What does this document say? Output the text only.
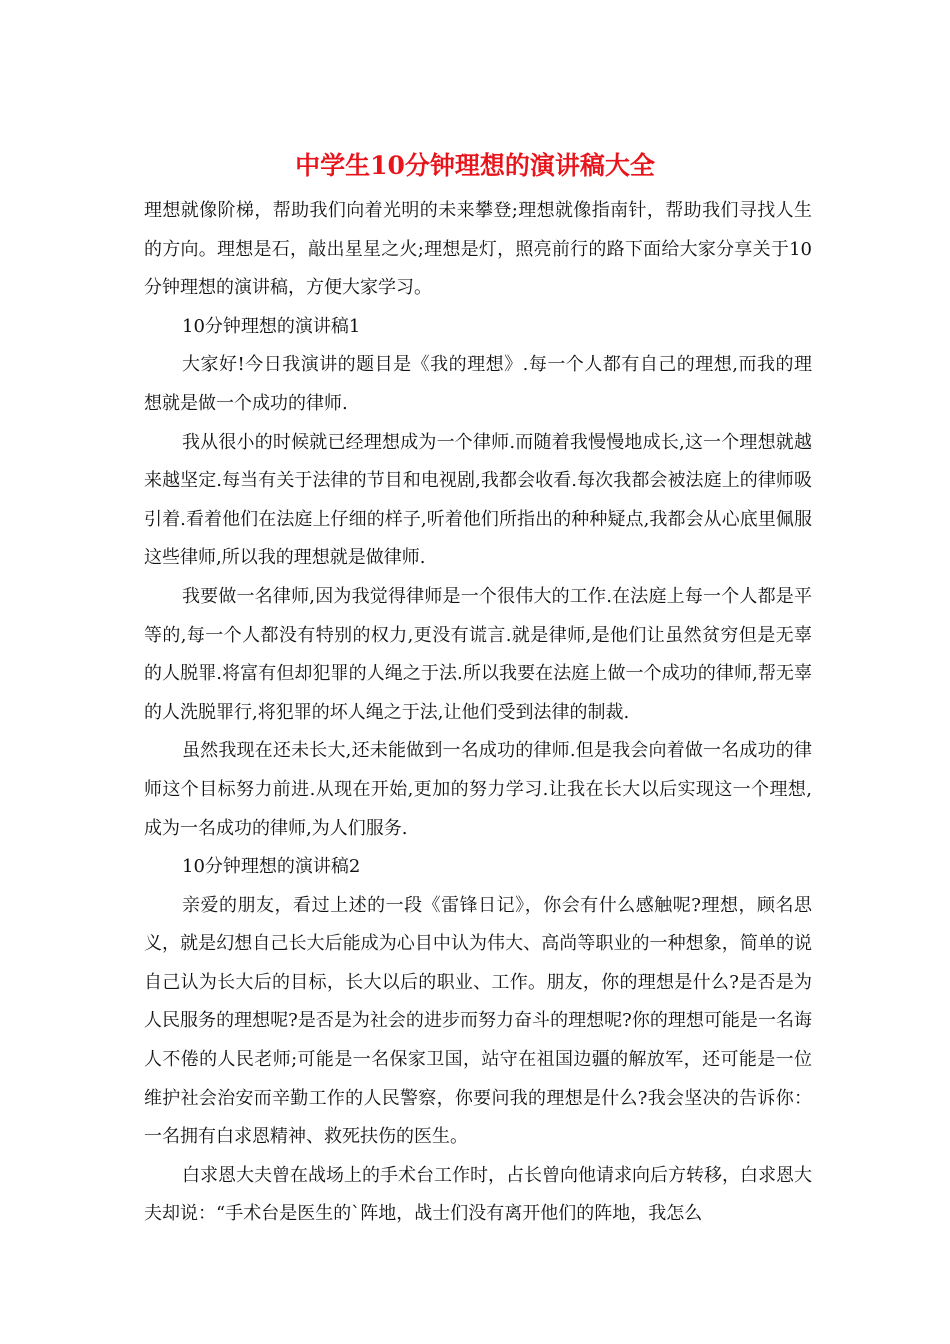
中学生10分钟理想的演讲稿大全

理想就像阶梯，帮助我们向着光明的未来攀登;理想就像指南针，帮助我们寻找人生的方向。理想是石，敲出星星之火;理想是灯，照亮前行的路下面给大家分享关于10分钟理想的演讲稿，方便大家学习。

10分钟理想的演讲稿1

大家好!今日我演讲的题目是《我的理想》.每一个人都有自己的理想,而我的理想就是做一个成功的律师.

我从很小的时候就已经理想成为一个律师.而随着我慢慢地成长,这一个理想就越来越坚定.每当有关于法律的节目和电视剧,我都会收看.每次我都会被法庭上的律师吸引着.看着他们在法庭上仔细的样子,听着他们所指出的种种疑点,我都会从心底里佩服这些律师,所以我的理想就是做律师.

我要做一名律师,因为我觉得律师是一个很伟大的工作.在法庭上每一个人都是平等的,每一个人都没有特别的权力,更没有谎言.就是律师,是他们让虽然贫穷但是无辜的人脱罪.将富有但却犯罪的人绳之于法.所以我要在法庭上做一个成功的律师,帮无辜的人洗脱罪行,将犯罪的坏人绳之于法,让他们受到法律的制裁.

虽然我现在还未长大,还未能做到一名成功的律师.但是我会向着做一名成功的律师这个目标努力前进.从现在开始,更加的努力学习.让我在长大以后实现这一个理想,成为一名成功的律师,为人们服务.

10分钟理想的演讲稿2

亲爱的朋友，看过上述的一段《雷锋日记》，你会有什么感触呢?理想，顾名思义，就是幻想自己长大后能成为心目中认为伟大、高尚等职业的一种想象，简单的说自己认为长大后的目标，长大以后的职业、工作。朋友，你的理想是什么?是否是为人民服务的理想呢?是否是为社会的进步而努力奋斗的理想呢?你的理想可能是一名诲人不倦的人民老师;可能是一名保家卫国，站守在祖国边疆的解放军，还可能是一位维护社会治安而辛勤工作的人民警察，你要问我的理想是什么?我会坚决的告诉你：一名拥有白求恩精神、救死扶伤的医生。

白求恩大夫曾在战场上的手术台工作时，占长曾向他请求向后方转移，白求恩大夫却说：“手术台是医生的`阵地，战士们没有离开他们的阵地，我怎么
